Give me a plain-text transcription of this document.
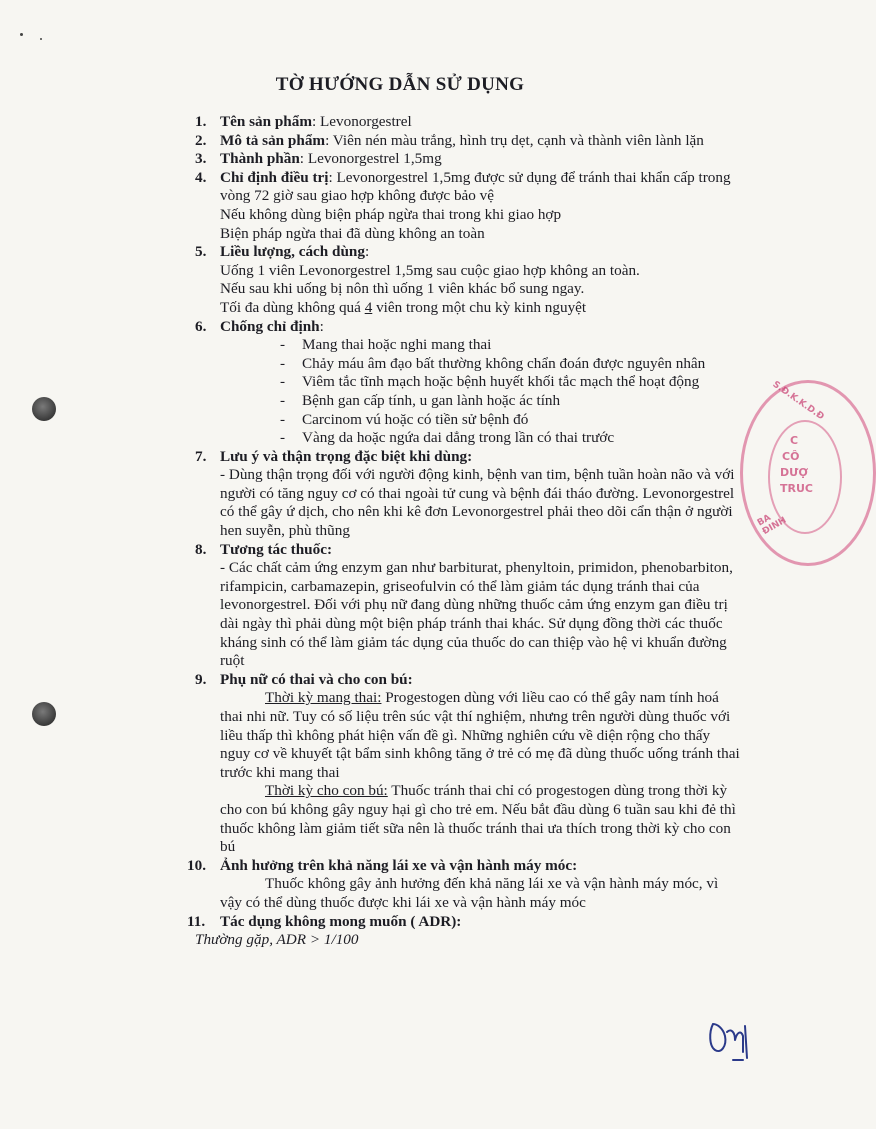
S.Đ.K.K.D.Đ
C
CÔ
DƯỢ
TRUC
BA ĐINH
TỜ HƯỚNG DẪN SỬ DỤNG
1. Tên sản phẩm: Levonorgestrel
2. Mô tả sản phẩm: Viên nén màu trắng, hình trụ dẹt, cạnh và thành viên lành lặn
3. Thành phần: Levonorgestrel 1,5mg
4. Chỉ định điều trị: Levonorgestrel 1,5mg được sử dụng để tránh thai khẩn cấp trong vòng 72 giờ sau giao hợp không được bảo vệ
Nếu không dùng biện pháp ngừa thai trong khi giao hợp
Biện pháp ngừa thai đã dùng không an toàn
5. Liều lượng, cách dùng:
Uống 1 viên Levonorgestrel 1,5mg sau cuộc giao hợp không an toàn.
Nếu sau khi uống bị nôn thì uống 1 viên khác bổ sung ngay.
Tối đa dùng không quá 4 viên trong một chu kỳ kinh nguyệt
6. Chống chỉ định:
- Mang thai hoặc nghi mang thai
- Chảy máu âm đạo bất thường không chẩn đoán được nguyên nhân
- Viêm tắc tĩnh mạch hoặc bệnh huyết khối tắc mạch thể hoạt động
- Bệnh gan cấp tính, u gan lành hoặc ác tính
- Carcinom vú hoặc có tiền sử bệnh đó
- Vàng da hoặc ngứa dai dẳng trong lần có thai trước
7. Lưu ý và thận trọng đặc biệt khi dùng:
- Dùng thận trọng đối với người động kinh, bệnh van tim, bệnh tuần hoàn não và với người có tăng nguy cơ có thai ngoài tử cung và bệnh đái tháo đường. Levonorgestrel có thể gây ứ dịch, cho nên khi kê đơn Levonorgestrel phải theo dõi cẩn thận ở người hen suyễn, phù thũng
8. Tương tác thuốc:
- Các chất cảm ứng enzym gan như barbiturat, phenyltoin, primidon, phenobarbiton, rifampicin, carbamazepin, griseofulvin có thể làm giảm tác dụng tránh thai của levonorgestrel. Đối với phụ nữ đang dùng những thuốc cảm ứng enzym gan điều trị dài ngày thì phải dùng một biện pháp tránh thai khác. Sử dụng đồng thời các thuốc kháng sinh có thể làm giảm tác dụng của thuốc do can thiệp vào hệ vi khuẩn đường ruột
9. Phụ nữ có thai và cho con bú:
Thời kỳ mang thai: Progestogen dùng với liều cao có thể gây nam tính hoá thai nhi nữ. Tuy có số liệu trên súc vật thí nghiệm, nhưng trên người dùng thuốc với liều thấp thì không phát hiện vấn đề gì. Những nghiên cứu về diện rộng cho thấy nguy cơ về khuyết tật bẩm sinh không tăng ở trẻ có mẹ đã dùng thuốc uống tránh thai trước khi mang thai
Thời kỳ cho con bú: Thuốc tránh thai chỉ có progestogen dùng trong thời kỳ cho con bú không gây nguy hại gì cho trẻ em. Nếu bắt đầu dùng 6 tuần sau khi đẻ thì thuốc không làm giảm tiết sữa nên là thuốc tránh thai ưa thích trong thời kỳ cho con bú
10. Ảnh hưởng trên khả năng lái xe và vận hành máy móc:
Thuốc không gây ảnh hưởng đến khả năng lái xe và vận hành máy móc, vì vậy có thể dùng thuốc được khi lái xe và vận hành máy móc
11. Tác dụng không mong muốn ( ADR):
Thường gặp, ADR > 1/100
